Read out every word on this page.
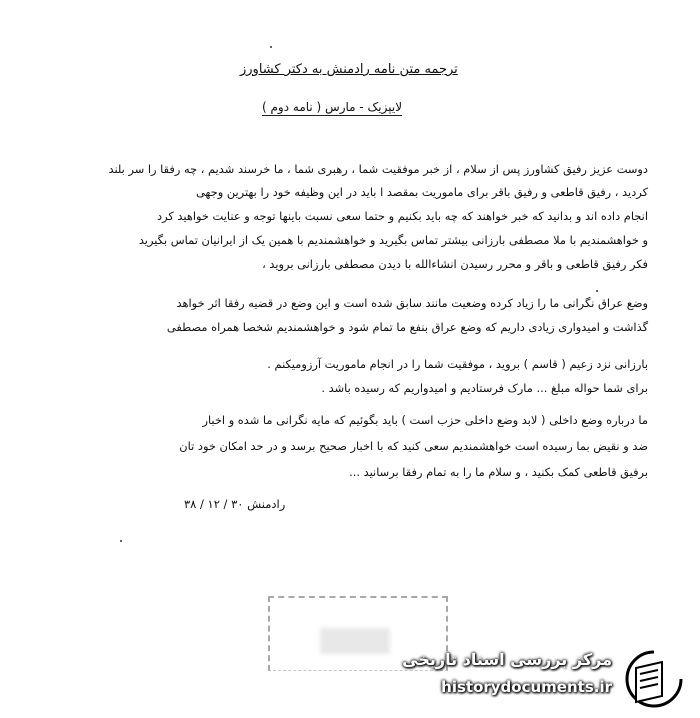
ترجمه متن نامه رادمنش به دکتر کشاورز
لایپزیک - مارس ( نامه دوم )
دوست عزیز رفیق کشاورز پس از سلام ، از خبر موفقیت شما ، رهبری شما ، ما خرسند شدیم ، چه رفقا را سر بلند
کردید ، رفیق قاطعی و رفیق باقر برای ماموریت بمقصد ا باید در این وظیفه خود را بهترین وجهی
انجام داده اند و بدانید که خبر خواهند که چه باید بکنیم و حتما سعی نسبت باینها توجه و عنایت خواهید کرد
و خواهشمندیم با ملا مصطفی بارزانی بیشتر تماس بگیرید و خواهشمندیم با همین یک از ایرانیان تماس بگیرید
فکر رفیق قاطعی و باقر و محرر رسیدن انشاءالله با دیدن مصطفی بارزانی بروید ،
وضع عراق نگرانی ما را زیاد کرده وضعیت مانند سابق شده است و این وضع در قضیه رفقا اثر خواهد
گذاشت و امیدواری زیادی داریم که وضع عراق بنفع ما تمام شود و خواهشمندیم شخصا همراه مصطفی
بارزانی نزد زعیم ( قاسم ) بروید ، موفقیت شما را در انجام ماموریت آرزومیکنم .
برای شما حواله مبلغ ... مارک فرستادیم و امیدواریم که رسیده باشد .
ما درباره وضع داخلی ( لابد وضع داخلی حزب است ) باید بگوئیم که مایه نگرانی ما شده و اخبار
ضد و نقیض بما رسیده است خواهشمندیم سعی کنید که با اخبار صحیح برسد و در حد امکان خود تان
برفیق قاطعی کمک بکنید ، و سلام ما را به تمام رفقا برسانید ...
رادمنش ۳۰ / ۱۲ / ۳۸
مرکز بررسی اسناد تاریخی
historydocuments.ir
